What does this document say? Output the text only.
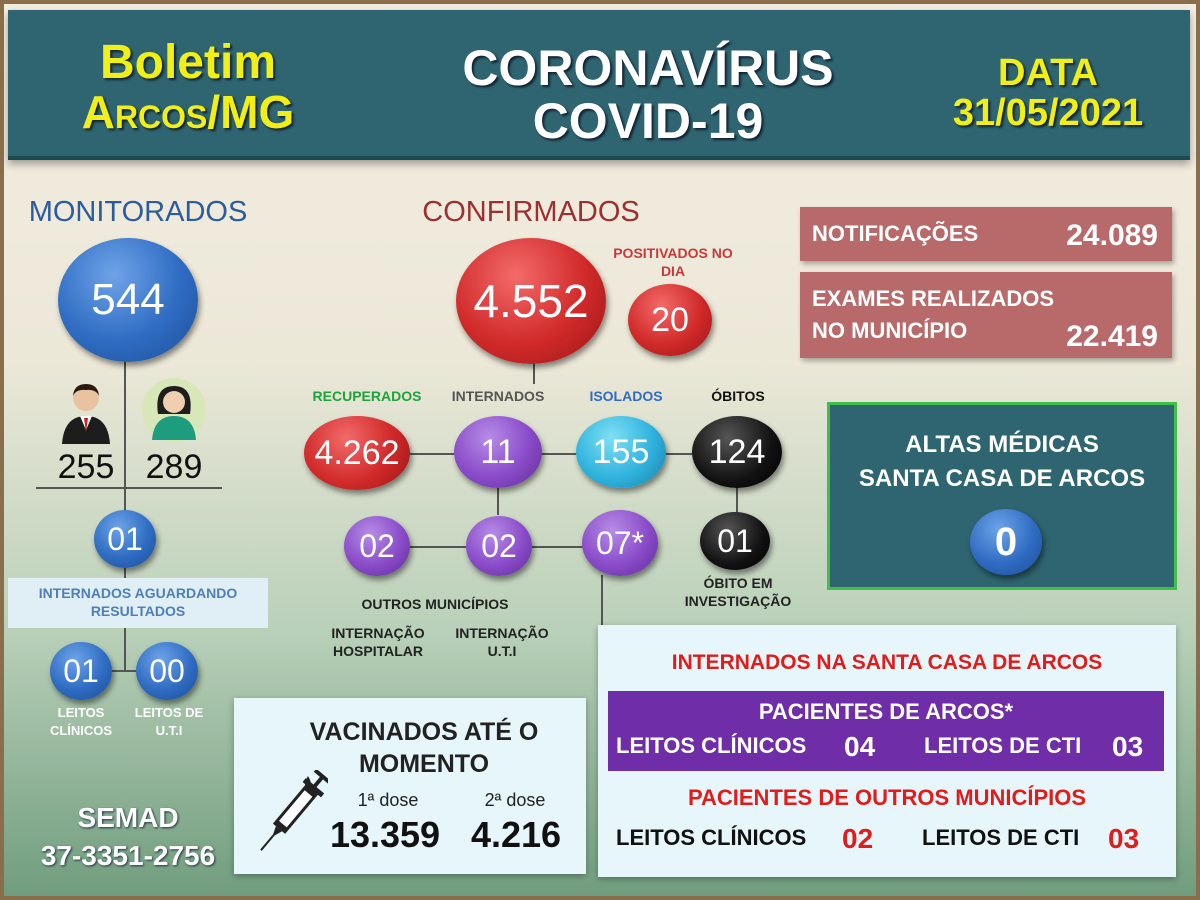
Boletim
Arcos/MG
CORONAVÍRUS
COVID-19
DATA
31/05/2021
MONITORADOS
544
255 289
01
INTERNADOS AGUARDANDO RESULTADOS
01 00
LEITOS CLÍNICOS
LEITOS DE U.T.I
SEMAD
37-3351-2756
CONFIRMADOS
4.552
POSITIVADOS NO DIA
20
RECUPERADOS	INTERNADOS	ISOLADOS	ÓBITOS
4.262 11 155 124
02	02 07* 01
OUTROS MUNICÍPIOS
INTERNAÇÃO HOSPITALAR
INTERNAÇÃO U.T.I
ÓBITO EM INVESTIGAÇÃO
NOTIFICAÇÕES	24.089
EXAMES REALIZADOS
NO MUNICÍPIO	22.419
ALTAS MÉDICAS
SANTA CASA DE ARCOS
0
VACINADOS ATÉ O
MOMENTO
1ª dose	2ª dose
13.359 4.216
INTERNADOS NA SANTA CASA DE ARCOS
PACIENTES DE ARCOS*
LEITOS CLÍNICOS 04 LEITOS DE CTI 03
PACIENTES DE OUTROS MUNICÍPIOS
LEITOS CLÍNICOS 02 LEITOS DE CTI 03
